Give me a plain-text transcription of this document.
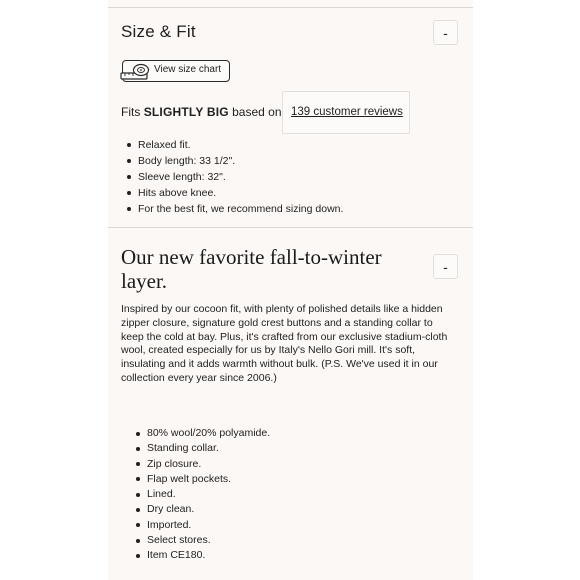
Size & Fit	-
View size chart
Fits SLIGHTLY BIG based on 139 customer reviews
Relaxed fit.
Body length: 33 1/2".
Sleeve length: 32".
Hits above knee.
For the best fit, we recommend sizing down.
Our new favorite fall-to-winter layer.
-
Inspired by our cocoon fit, with plenty of polished details like a hidden zipper closure, signature gold crest buttons and a standing collar to keep the cold at bay. Plus, it's crafted from our exclusive stadium-cloth wool, created especially for us by Italy's Nello Gori mill. It's soft, insulating and it adds warmth without bulk. (P.S. We've used it in our collection every year since 2006.)
80% wool/20% polyamide.
Standing collar.
Zip closure.
Flap welt pockets.
Lined.
Dry clean.
Imported.
Select stores.
Item CE180.
